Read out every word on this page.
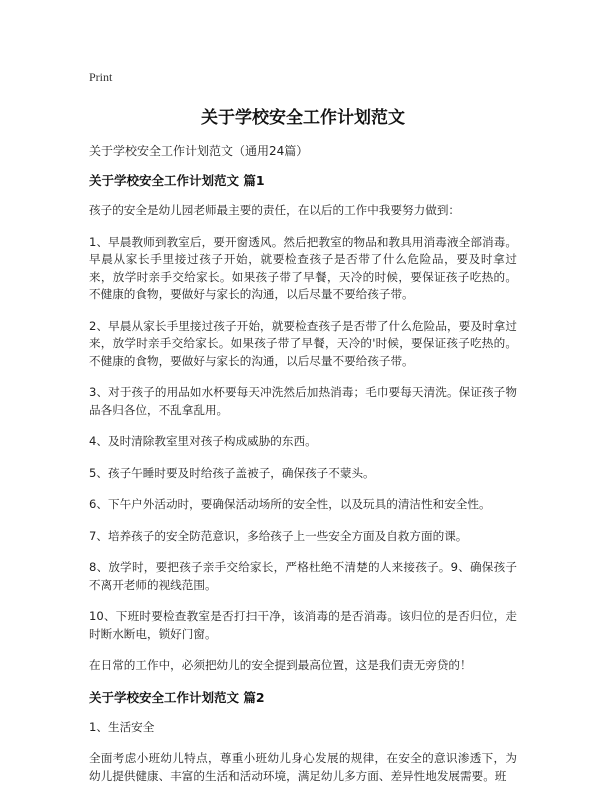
Print
关于学校安全工作计划范文
关于学校安全工作计划范文（通用24篇）
关于学校安全工作计划范文 篇1

孩子的安全是幼儿园老师最主要的责任，在以后的工作中我要努力做到：

1、早晨教师到教室后，要开窗透风。然后把教室的物品和教具用消毒液全部消毒。早晨从家长手里接过孩子开始，就要检查孩子是否带了什么危险品，要及时拿过来，放学时亲手交给家长。如果孩子带了早餐，天冷的时候，要保证孩子吃热的。不健康的食物，要做好与家长的沟通，以后尽量不要给孩子带。

2、早晨从家长手里接过孩子开始，就要检查孩子是否带了什么危险品，要及时拿过来，放学时亲手交给家长。如果孩子带了早餐，天冷的'时候，要保证孩子吃热的。不健康的食物，要做好与家长的沟通，以后尽量不要给孩子带。

3、对于孩子的用品如水杯要每天冲洗然后加热消毒；毛巾要每天清洗。保证孩子物品各归各位，不乱拿乱用。

4、及时清除教室里对孩子构成威胁的东西。

5、孩子午睡时要及时给孩子盖被子，确保孩子不蒙头。

6、下午户外活动时，要确保活动场所的安全性，以及玩具的清洁性和安全性。

7、培养孩子的安全防范意识，多给孩子上一些安全方面及自救方面的课。

8、放学时，要把孩子亲手交给家长，严格杜绝不清楚的人来接孩子。9、确保孩子不离开老师的视线范围。

10、下班时要检查教室是否打扫干净，该消毒的是否消毒。该归位的是否归位，走时断水断电，锁好门窗。

在日常的工作中，必须把幼儿的安全提到最高位置，这是我们责无旁贷的！

关于学校安全工作计划范文 篇2

1、生活安全

全面考虑小班幼儿特点，尊重小班幼儿身心发展的规律，在安全的意识渗透下，为幼儿提供健康、丰富的生活和活动环境，满足幼儿多方面、差异性地发展需要。班
